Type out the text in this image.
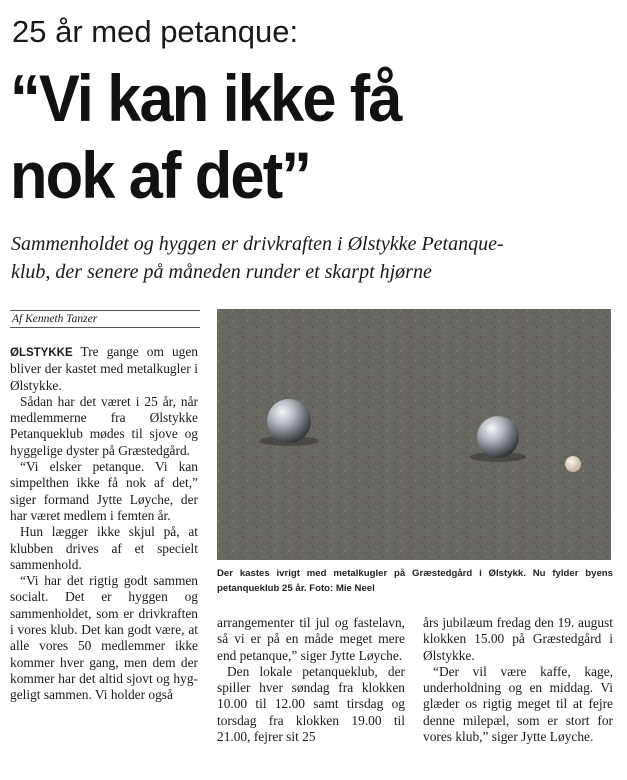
25 år med petanque:
“Vi kan ikke få
nok af det”
Sammenholdet og hyggen er drivkraften i Ølstykke Petanque-
klub, der senere på måneden runder et skarpt hjørne
Af Kenneth Tanzer
Der kastes ivrigt med metalkugler på Græstedgård i Ølstykk. Nu fylder byens petanqueklub 25 år. Foto: Mie Neel

ØLSTYKKE Tre gange om ugen bliver der kastet med metalkugler i Ølstykke.

Sådan har det været i 25 år, når medlemmerne fra Ølstykke Petanqueklub mødes til sjove og hyggelige dyster på Græstedgård.

“Vi elsker petanque. Vi kan simpelthen ikke få nok af det,” siger formand Jytte Løyche, der har været medlem i femten år.

Hun lægger ikke skjul på, at klubben drives af et specielt sammenhold.

“Vi har det rigtig godt sammen socialt. Det er hyggen og sammenholdet, som er drivkraften i vores klub. Det kan godt være, at alle vores 50 medlemmer ikke kommer hver gang, men dem der kommer har det altid sjovt og hyggeligt sammen. Vi holder også

arrangementer til jul og fastelavn, så vi er på en måde meget mere end petanque,” siger Jytte Løyche.

Den lokale petanqueklub, der spiller hver søndag fra klokken 10.00 til 12.00 samt tirsdag og torsdag fra klokken 19.00 til 21.00, fejrer sit 25

års jubilæum fredag den 19. august klokken 15.00 på Græstedgård i Ølstykke.

“Der vil være kaffe, kage, underholdning og en middag. Vi glæder os rigtig meget til at fejre denne milepæl, som er stort for vores klub,” siger Jytte Løyche.
